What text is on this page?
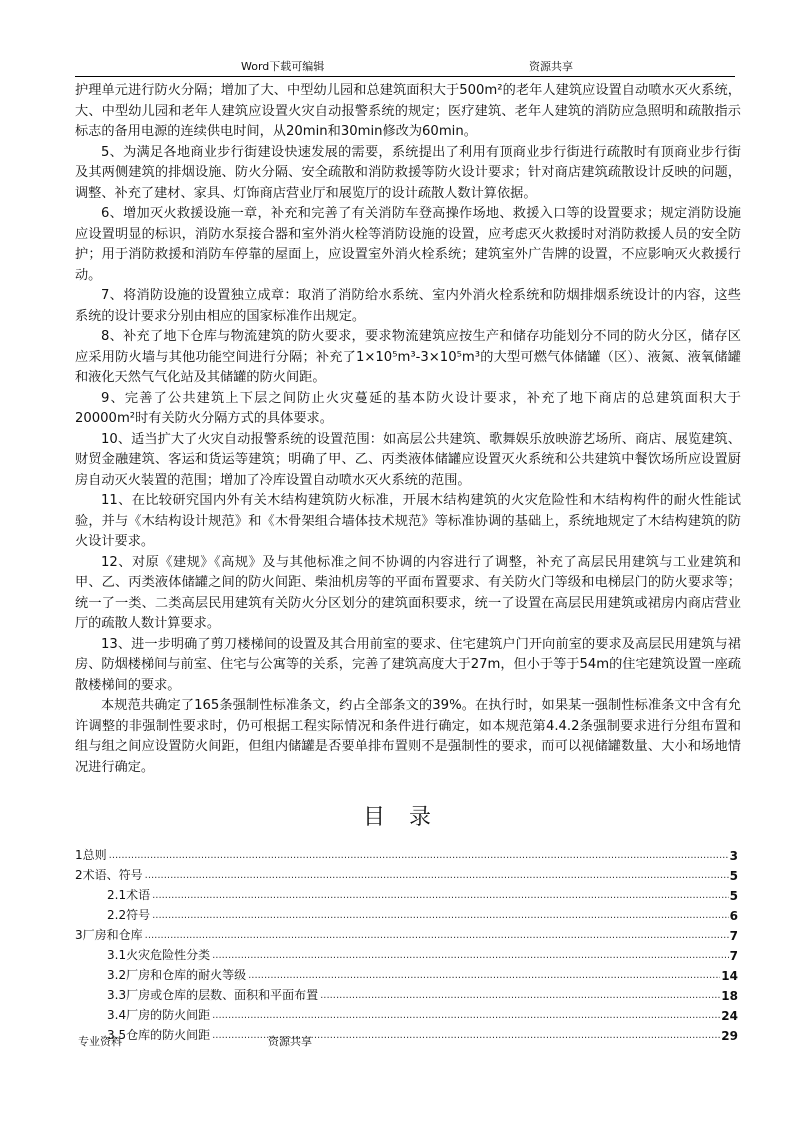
Word下载可编辑	资源共享

护理单元进行防火分隔；增加了大、中型幼儿园和总建筑面积大于500m²的老年人建筑应设置自动喷水灭火系统，大、中型幼儿园和老年人建筑应设置火灾自动报警系统的规定；医疗建筑、老年人建筑的消防应急照明和疏散指示标志的备用电源的连续供电时间，从20min和30min修改为60min。

5、为满足各地商业步行街建设快速发展的需要，系统提出了利用有顶商业步行街进行疏散时有顶商业步行街及其两侧建筑的排烟设施、防火分隔、安全疏散和消防救援等防火设计要求；针对商店建筑疏散设计反映的问题，调整、补充了建材、家具、灯饰商店营业厅和展览厅的设计疏散人数计算依据。

6、增加灭火救援设施一章，补充和完善了有关消防车登高操作场地、救援入口等的设置要求；规定消防设施应设置明显的标识，消防水泵接合器和室外消火栓等消防设施的设置，应考虑灭火救援时对消防救援人员的安全防护；用于消防救援和消防车停靠的屋面上，应设置室外消火栓系统；建筑室外广告牌的设置，不应影响灭火救援行动。

7、将消防设施的设置独立成章：取消了消防给水系统、室内外消火栓系统和防烟排烟系统设计的内容，这些系统的设计要求分别由相应的国家标准作出规定。

8、补充了地下仓库与物流建筑的防火要求，要求物流建筑应按生产和储存功能划分不同的防火分区，储存区应采用防火墙与其他功能空间进行分隔；补充了1×10⁵m³-3×10⁵m³的大型可燃气体储罐（区）、液氮、液氧储罐和液化天然气气化站及其储罐的防火间距。

9、完善了公共建筑上下层之间防止火灾蔓延的基本防火设计要求，补充了地下商店的总建筑面积大于20000m²时有关防火分隔方式的具体要求。

10、适当扩大了火灾自动报警系统的设置范围：如高层公共建筑、歌舞娱乐放映游艺场所、商店、展览建筑、财贸金融建筑、客运和货运等建筑；明确了甲、乙、丙类液体储罐应设置灭火系统和公共建筑中餐饮场所应设置厨房自动灭火装置的范围；增加了冷库设置自动喷水灭火系统的范围。

11、在比较研究国内外有关木结构建筑防火标准，开展木结构建筑的火灾危险性和木结构构件的耐火性能试验，并与《木结构设计规范》和《木骨架组合墙体技术规范》等标准协调的基础上，系统地规定了木结构建筑的防火设计要求。

12、对原《建规》《高规》及与其他标准之间不协调的内容进行了调整，补充了高层民用建筑与工业建筑和甲、乙、丙类液体储罐之间的防火间距、柴油机房等的平面布置要求、有关防火门等级和电梯层门的防火要求等；统一了一类、二类高层民用建筑有关防火分区划分的建筑面积要求，统一了设置在高层民用建筑或裙房内商店营业厅的疏散人数计算要求。

13、进一步明确了剪刀楼梯间的设置及其合用前室的要求、住宅建筑户门开向前室的要求及高层民用建筑与裙房、防烟楼梯间与前室、住宅与公寓等的关系，完善了建筑高度大于27m，但小于等于54m的住宅建筑设置一座疏散楼梯间的要求。

本规范共确定了165条强制性标准条文，约占全部条文的39%。在执行时，如果某一强制性标准条文中含有允许调整的非强制性要求时，仍可根据工程实际情况和条件进行确定，如本规范第4.4.2条强制要求进行分组布置和组与组之间应设置防火间距，但组内储罐是否要单排布置则不是强制性的要求，而可以视储罐数量、大小和场地情况进行确定。

目录
1总则 .....	3
2术语、符号 .....	5
2.1术语 .....	5
2.2符号 .....	6
3厂房和仓库 .....	7
3.1火灾危险性分类 .....	7
3.2厂房和仓库的耐火等级 .....	14
3.3厂房或仓库的层数、面积和平面布置 .....	18
3.4厂房的防火间距 .....	24
3.5仓库的防火间距 .....	29
专业资料	资源共享
